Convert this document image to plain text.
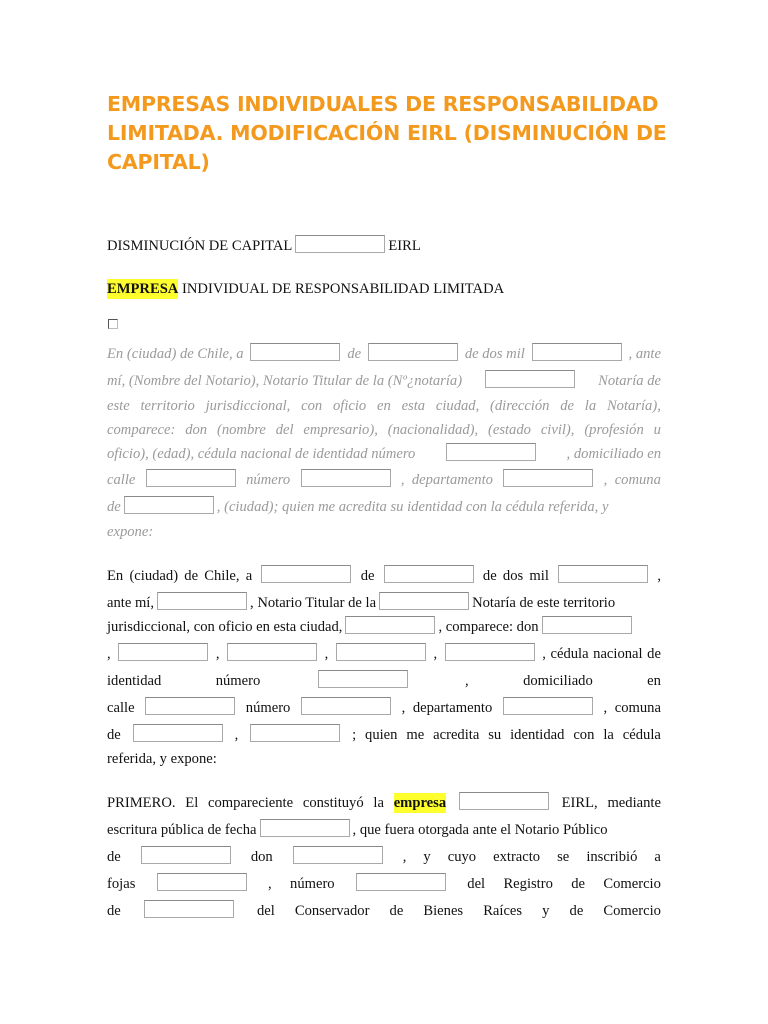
EMPRESAS INDIVIDUALES DE RESPONSABILIDAD LIMITADA. MODIFICACIÓN EIRL (DISMINUCIÓN DE CAPITAL)
DISMINUCIÓN DE CAPITAL	EIRL
EMPRESA
INDIVIDUAL DE RESPONSABILIDAD LIMITADA
En (ciudad) de Chile, a	de	de dos mil	, ante
mí, (Nombre del Notario), Notario Titular de la (Nº¿notaría)	Notaría de
este territorio jurisdiccional, con oficio en esta ciudad, (dirección de la Notaría),
comparece: don (nombre del empresario), (nacionalidad), (estado civil), (profesión u
oficio), (edad), cédula nacional de identidad número	, domiciliado en
calle	número	, departamento	, comuna
de	, (ciudad); quien me acredita su identidad con la cédula referida, y
expone:
En (ciudad) de Chile, a	de	de dos mil	,
ante mí,	, Notario Titular de la	Notaría de este territorio
jurisdiccional, con oficio en esta ciudad,	, comparece: don
,	,	,	,	, cédula nacional de
identidad	número	,	domiciliado	en
calle	número	, departamento	, comuna
de	,	; quien me acredita su identidad con la cédula
referida, y expone:
PRIMERO. El compareciente constituyó la empresa	EIRL, mediante
escritura pública de fecha	, que fuera otorgada ante el Notario Público
de	don	, y cuyo extracto se inscribió a
fojas	, número	del Registro de Comercio
de	del Conservador de Bienes Raíces y de Comercio
